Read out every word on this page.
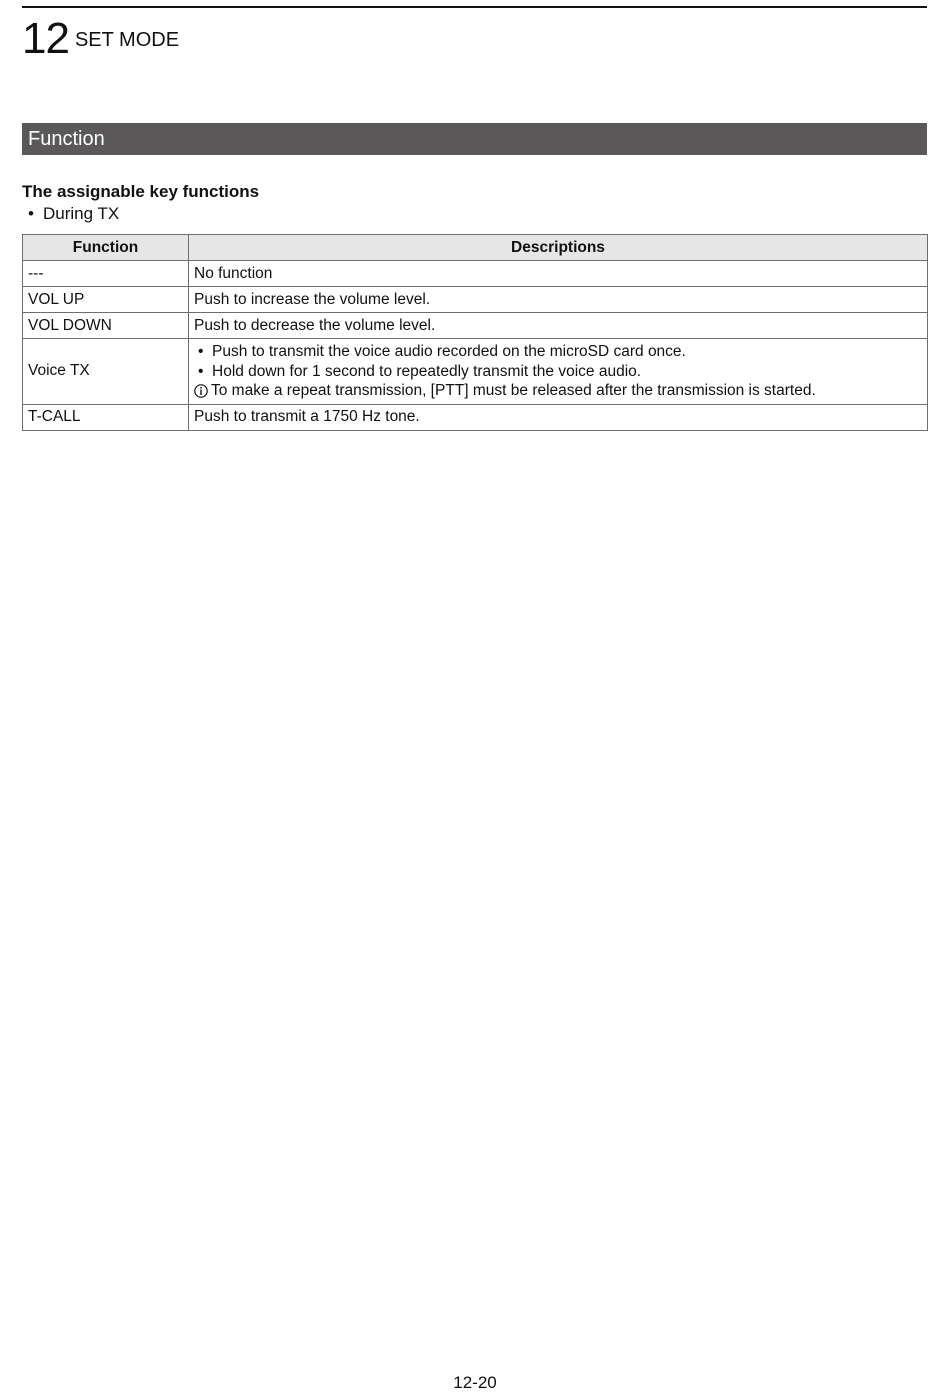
12 SET MODE
Function
The assignable key functions
• During TX
Function	Descriptions
---	No function
VOL UP	Push to increase the volume level.
VOL DOWN	Push to decrease the volume level.
Voice TX	• Push to transmit the voice audio recorded on the microSD card once.
• Hold down for 1 second to repeatedly transmit the voice audio.
To make a repeat transmission, [PTT] must be released after the transmission is started.

T-CALL	Push to transmit a 1750 Hz tone.
12-20
